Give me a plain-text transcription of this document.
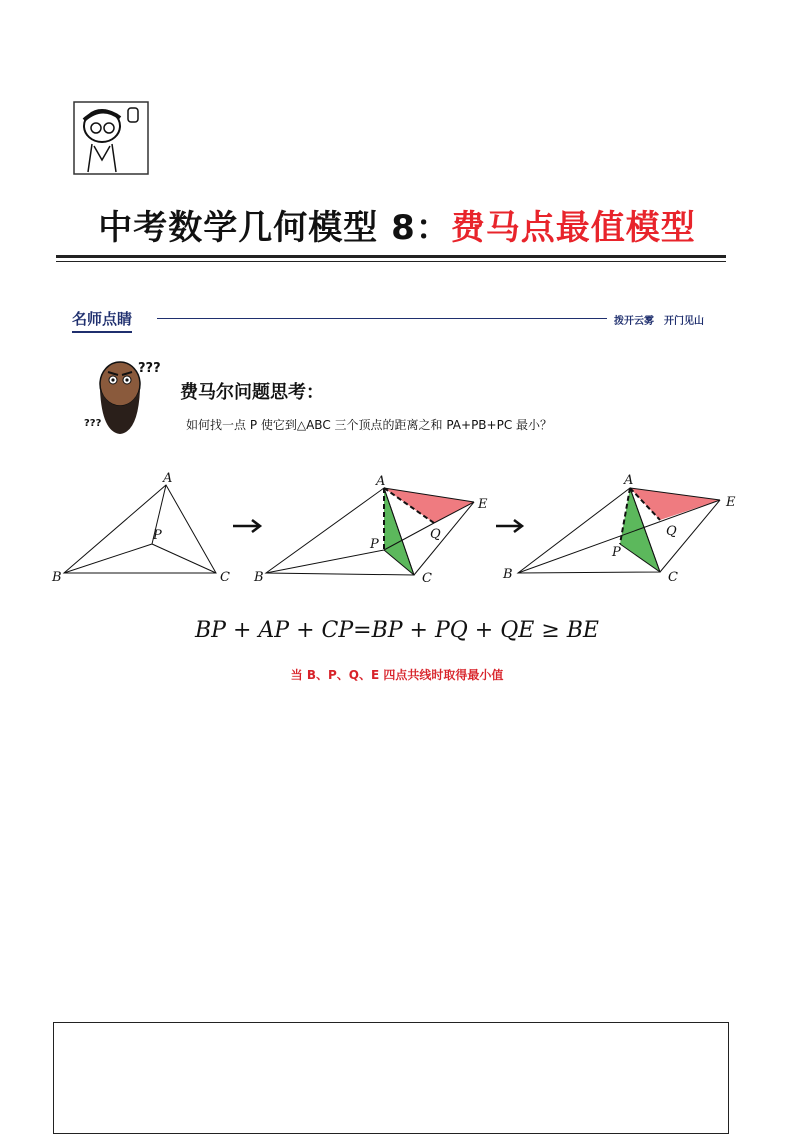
中考数学几何模型 8：费马点最值模型
名师点睛	拨开云雾　开门见山
???
???
费马尔问题思考：
如何找一点 P 使它到△ABC 三个顶点的距离之和 PA+PB+PC 最小？
A
B	C
P
A
B	C
P
Q
E
A
B	C
P
Q
E
BP + AP + CP=BP + PQ + QE ≥ BE
当 B、P、Q、E 四点共线时取得最小值
